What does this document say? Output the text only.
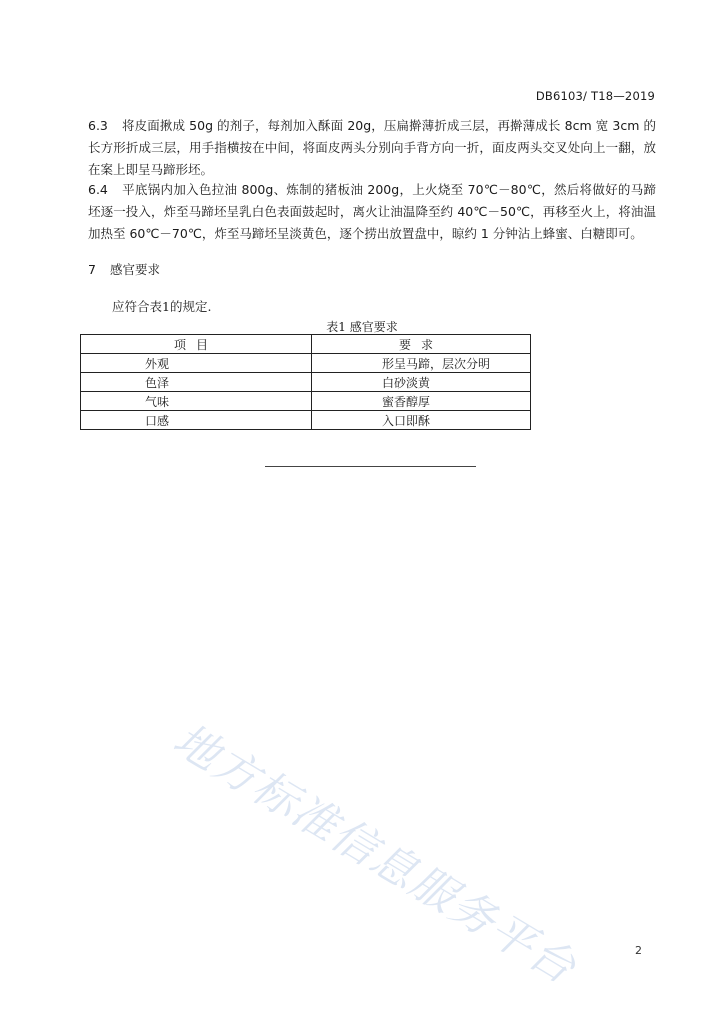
DB6103/ T18—2019
6.3 将皮面揪成 50g 的剂子，每剂加入酥面 20g，压扁擀薄折成三层，再擀薄成长 8cm 宽 3cm 的长方形折成三层，用手指横按在中间，将面皮两头分别向手背方向一折，面皮两头交叉处向上一翻，放在案上即呈马蹄形坯。
6.4 平底锅内加入色拉油 800g、炼制的猪板油 200g，上火烧至 70℃－80℃，然后将做好的马蹄坯逐一投入，炸至马蹄坯呈乳白色表面鼓起时，离火让油温降至约 40℃－50℃，再移至火上，将油温加热至 60℃－70℃，炸至马蹄坯呈淡黄色，逐个捞出放置盘中，晾约 1 分钟沾上蜂蜜、白糖即可。
7 感官要求
应符合表1的规定.
表1 感官要求
项目	要求
外观	形呈马蹄，层次分明
色泽	白砂淡黄
气味	蜜香醇厚
口感	入口即酥
地方标准信息服务平台	2
